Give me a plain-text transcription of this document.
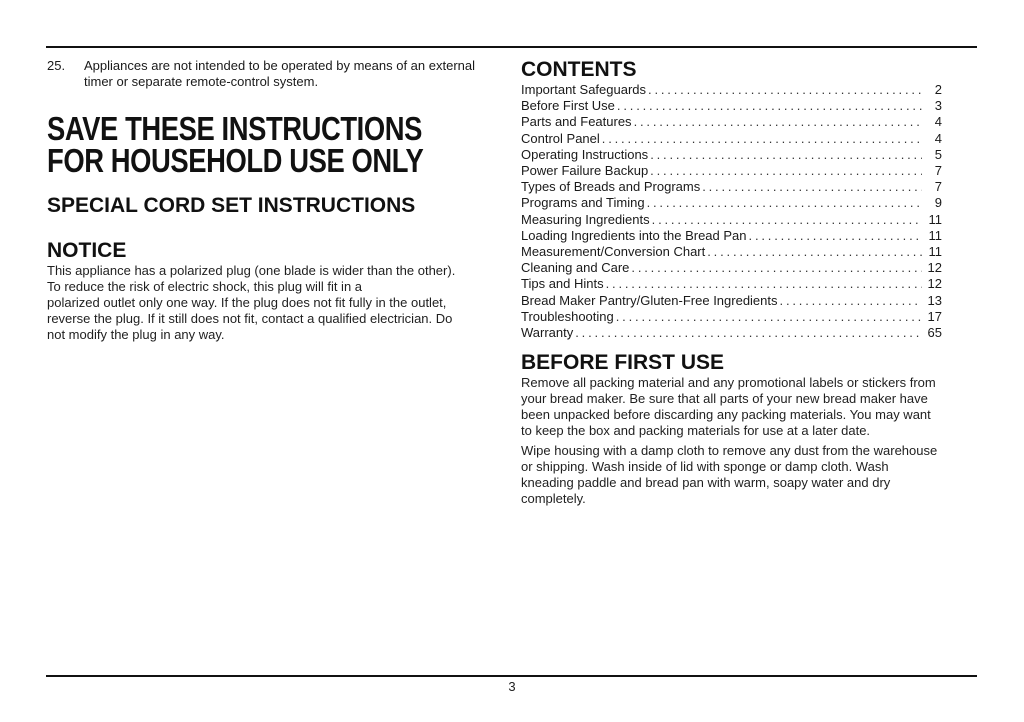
25.	Appliances are not intended to be operated by means of an external timer or separate remote-control system.
SAVE THESE INSTRUCTIONS
FOR HOUSEHOLD USE ONLY
SPECIAL CORD SET INSTRUCTIONS
NOTICE
This appliance has a polarized plug (one blade is wider than the other).
To reduce the risk of electric shock, this plug will fit in a
polarized outlet only one way. If the plug does not fit fully in the outlet,
reverse the plug. If it still does not fit, contact a qualified electrician. Do
not modify the plug in any way.
CONTENTS
Important Safeguards . . .	2
Before First Use . . .	3
Parts and Features . . .	4
Control Panel . . .	4
Operating Instructions . . .	5
Power Failure Backup . . .	7
Types of Breads and Programs . . .	7
Programs and Timing . . .	9
Measuring Ingredients . . .	11
Loading Ingredients into the Bread Pan . . .	11
Measurement/Conversion Chart . . .	11
Cleaning and Care . . .	12
Tips and Hints . . .	12
Bread Maker Pantry/Gluten-Free Ingredients . . .	13
Troubleshooting . . .	17
Warranty . . .	65
BEFORE FIRST USE
Remove all packing material and any promotional labels or stickers from
your bread maker. Be sure that all parts of your new bread maker have
been unpacked before discarding any packing materials. You may want
to keep the box and packing materials for use at a later date.
Wipe housing with a damp cloth to remove any dust from the warehouse
or shipping. Wash inside of lid with sponge or damp cloth. Wash
kneading paddle and bread pan with warm, soapy water and dry
completely.
3
